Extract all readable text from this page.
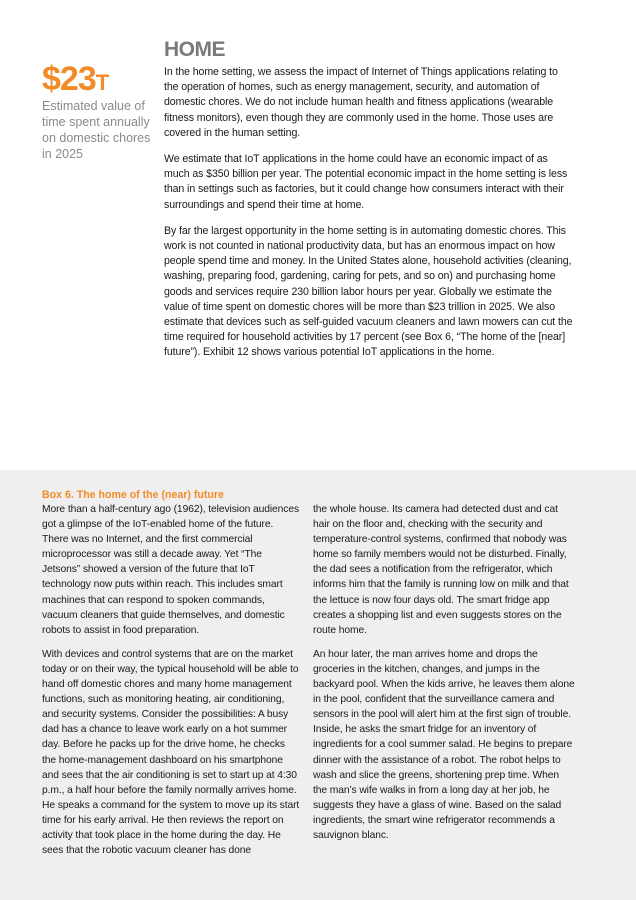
$23T
Estimated value of time spent annually on domestic chores in 2025
HOME

In the home setting, we assess the impact of Internet of Things applications relating to the operation of homes, such as energy management, security, and automation of domestic chores. We do not include human health and fitness applications (wearable fitness monitors), even though they are commonly used in the home. Those uses are covered in the human setting.

We estimate that IoT applications in the home could have an economic impact of as much as $350 billion per year. The potential economic impact in the home setting is less than in settings such as factories, but it could change how consumers interact with their surroundings and spend their time at home.

By far the largest opportunity in the home setting is in automating domestic chores. This work is not counted in national productivity data, but has an enormous impact on how people spend time and money. In the United States alone, household activities (cleaning, washing, preparing food, gardening, caring for pets, and so on) and purchasing home goods and services require 230 billion labor hours per year. Globally we estimate the value of time spent on domestic chores will be more than $23 trillion in 2025. We also estimate that devices such as self-guided vacuum cleaners and lawn mowers can cut the time required for household activities by 17 percent (see Box 6, “The home of the [near] future”). Exhibit 12 shows various potential IoT applications in the home.

Box 6. The home of the (near) future

More than a half-century ago (1962), television audiences got a glimpse of the IoT-enabled home of the future. There was no Internet, and the first commercial microprocessor was still a decade away. Yet “The Jetsons” showed a version of the future that IoT technology now puts within reach. This includes smart machines that can respond to spoken commands, vacuum cleaners that guide themselves, and domestic robots to assist in food preparation.

With devices and control systems that are on the market today or on their way, the typical household will be able to hand off domestic chores and many home management functions, such as monitoring heating, air conditioning, and security systems. Consider the possibilities: A busy dad has a chance to leave work early on a hot summer day. Before he packs up for the drive home, he checks the home-management dashboard on his smartphone and sees that the air conditioning is set to start up at 4:30 p.m., a half hour before the family normally arrives home. He speaks a command for the system to move up its start time for his early arrival. He then reviews the report on activity that took place in the home during the day. He sees that the robotic vacuum cleaner has done

the whole house. Its camera had detected dust and cat hair on the floor and, checking with the security and temperature-control systems, confirmed that nobody was home so family members would not be disturbed. Finally, the dad sees a notification from the refrigerator, which informs him that the family is running low on milk and that the lettuce is now four days old. The smart fridge app creates a shopping list and even suggests stores on the route home.

An hour later, the man arrives home and drops the groceries in the kitchen, changes, and jumps in the backyard pool. When the kids arrive, he leaves them alone in the pool, confident that the surveillance camera and sensors in the pool will alert him at the first sign of trouble. Inside, he asks the smart fridge for an inventory of ingredients for a cool summer salad. He begins to prepare dinner with the assistance of a robot. The robot helps to wash and slice the greens, shortening prep time. When the man’s wife walks in from a long day at her job, he suggests they have a glass of wine. Based on the salad ingredients, the smart wine refrigerator recommends a sauvignon blanc.
